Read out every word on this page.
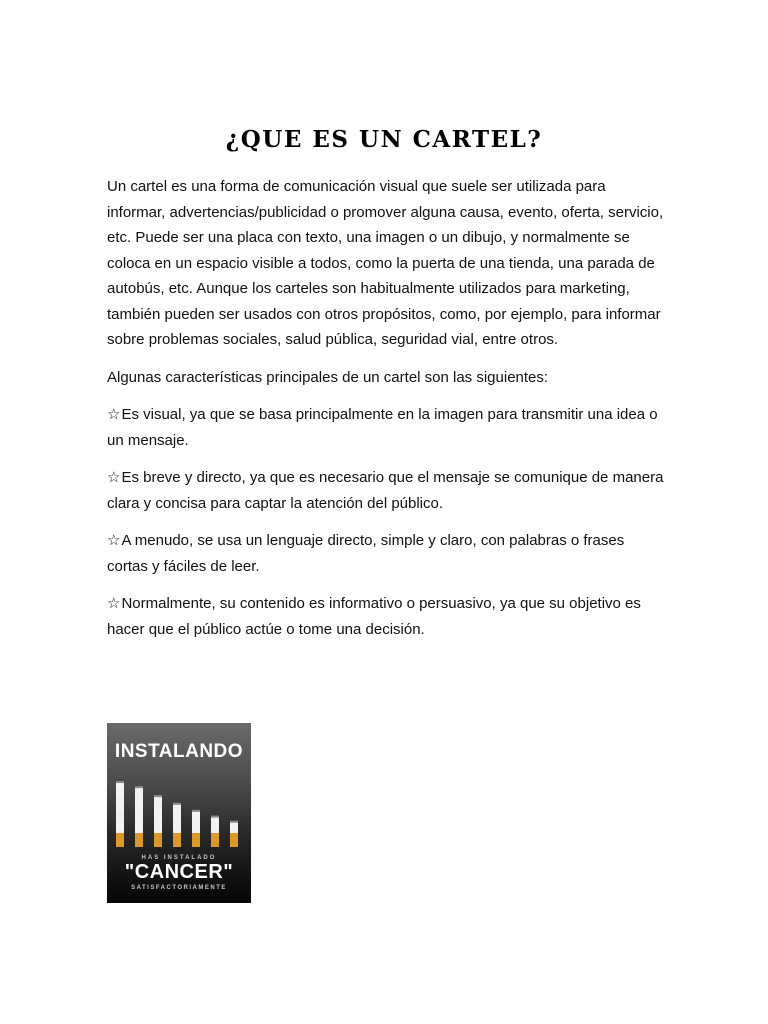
¿QUE ES UN CARTEL?

Un cartel es una forma de comunicación visual que suele ser utilizada para informar, advertencias/publicidad o promover alguna causa, evento, oferta, servicio, etc. Puede ser una placa con texto, una imagen o un dibujo, y normalmente se coloca en un espacio visible a todos, como la puerta de una tienda, una parada de autobús, etc. Aunque los carteles son habitualmente utilizados para marketing, también pueden ser usados con otros propósitos, como, por ejemplo, para informar sobre problemas sociales, salud pública, seguridad vial, entre otros.

Algunas características principales de un cartel son las siguientes:

☆Es visual, ya que se basa principalmente en la imagen para transmitir una idea o un mensaje.

☆Es breve y directo, ya que es necesario que el mensaje se comunique de manera clara y concisa para captar la atención del público.

☆A menudo, se usa un lenguaje directo, simple y claro, con palabras o frases cortas y fáciles de leer.

☆Normalmente, su contenido es informativo o persuasivo, ya que su objetivo es hacer que el público actúe o tome una decisión.

INSTALANDO
HAS INSTALADO
"CANCER"
SATISFACTORIAMENTE
